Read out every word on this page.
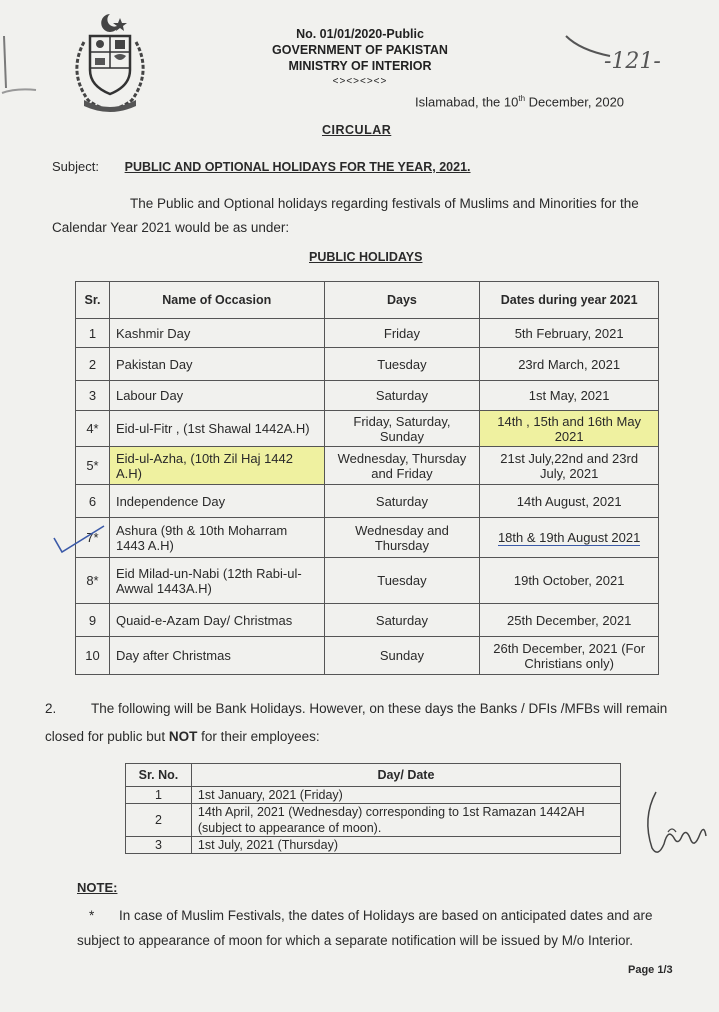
No. 01/01/2020-Public
GOVERNMENT OF PAKISTAN
MINISTRY OF INTERIOR
<><><><>
-121-
Islamabad, the 10th December, 2020
CIRCULAR
Subject: PUBLIC AND OPTIONAL HOLIDAYS FOR THE YEAR, 2021.
The Public and Optional holidays regarding festivals of Muslims and Minorities for the Calendar Year 2021 would be as under:
PUBLIC HOLIDAYS
Sr.	Name of Occasion	Days	Dates during year 2021
1	Kashmir Day	Friday	5th February, 2021
2	Pakistan Day	Tuesday	23rd March, 2021
3	Labour Day	Saturday	1st May, 2021
4*	Eid-ul-Fitr , (1st Shawal 1442A.H)	Friday, Saturday, Sunday	14th , 15th and 16th May 2021
5*	Eid-ul-Azha, (10th Zil Haj 1442 A.H)	Wednesday, Thursday and Friday	21st July,22nd and 23rd July, 2021
6	Independence Day	Saturday	14th August, 2021
7*	Ashura (9th & 10th Moharram 1443 A.H)	Wednesday and Thursday	18th & 19th August 2021
8*	Eid Milad-un-Nabi (12th Rabi-ul-Awwal 1443A.H)	Tuesday	19th October, 2021
9	Quaid-e-Azam Day/ Christmas	Saturday	25th December, 2021
10	Day after Christmas	Sunday	26th December, 2021 (For Christians only)
2.	The following will be Bank Holidays. However, on these days the Banks / DFIs /MFBs will remain closed for public but NOT for their employees:
Sr. No.	Day/ Date
1	1st January, 2021 (Friday)
2	14th April, 2021 (Wednesday) corresponding to 1st Ramazan 1442AH (subject to appearance of moon).
3	1st July, 2021 (Thursday)
NOTE:
* In case of Muslim Festivals, the dates of Holidays are based on anticipated dates and are subject to appearance of moon for which a separate notification will be issued by M/o Interior.
Page 1/3
